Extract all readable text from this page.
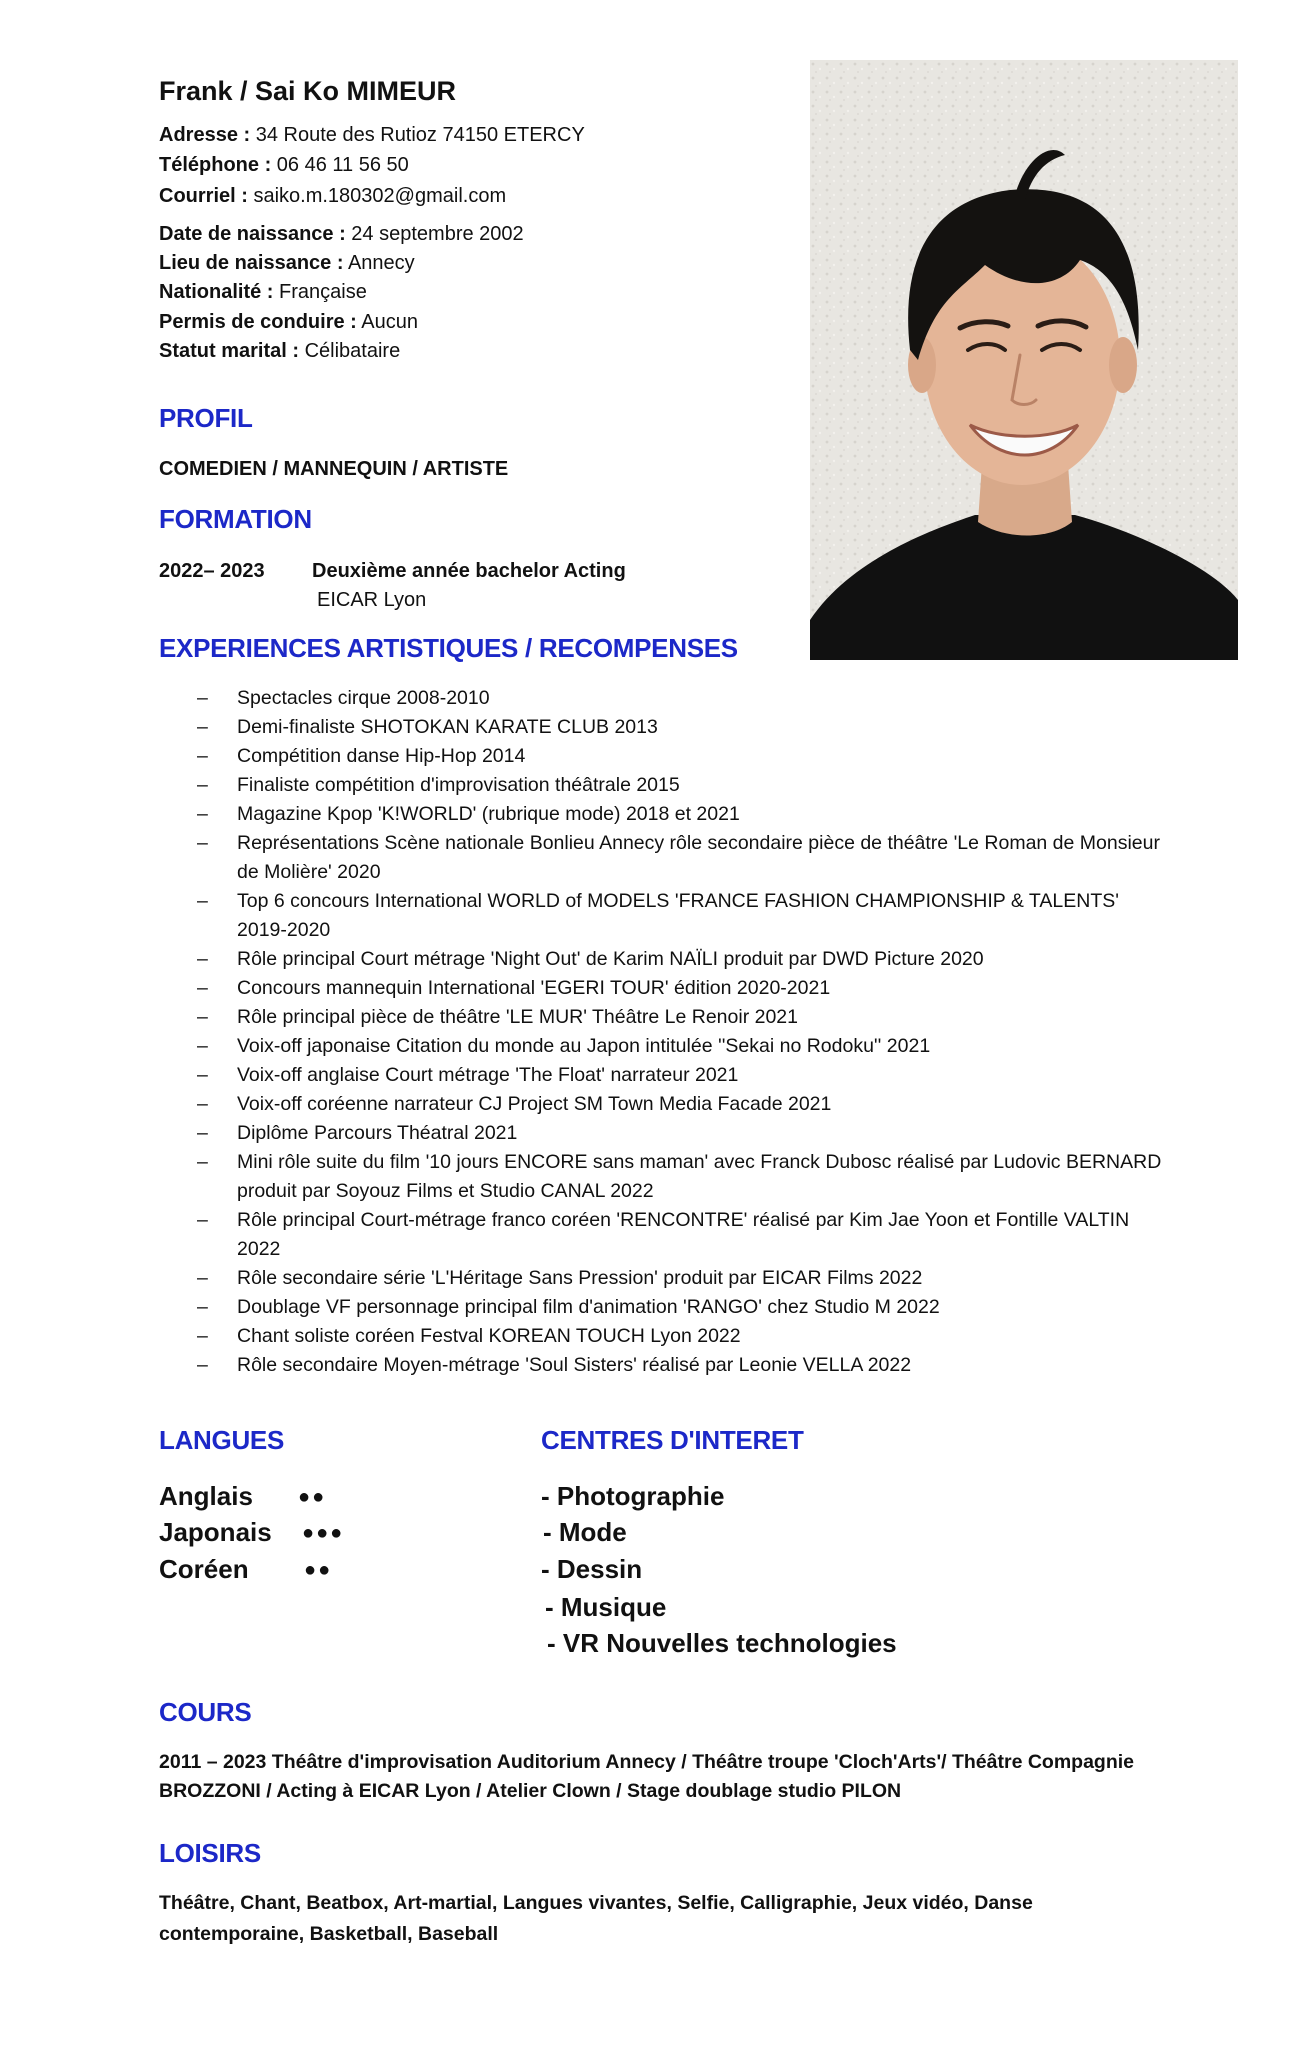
Frank / Sai Ko MIMEUR
Adresse : 34 Route des Rutioz 74150 ETERCY
Téléphone : 06 46 11 56 50
Courriel : saiko.m.180302@gmail.com
Date de naissance : 24 septembre 2002
Lieu de naissance : Annecy
Nationalité : Française
Permis de conduire : Aucun
Statut marital : Célibataire
PROFIL
COMEDIEN / MANNEQUIN / ARTISTE
FORMATION
2022– 2023 Deuxième année bachelor Acting
EICAR Lyon
EXPERIENCES ARTISTIQUES / RECOMPENSES
– Spectacles cirque 2008-2010
– Demi-finaliste SHOTOKAN KARATE CLUB 2013
– Compétition danse Hip-Hop 2014
– Finaliste compétition d'improvisation théâtrale 2015
– Magazine Kpop 'K!WORLD' (rubrique mode) 2018 et 2021
– Représentations Scène nationale Bonlieu Annecy rôle secondaire pièce de théâtre 'Le Roman de Monsieur de Molière' 2020
– Top 6 concours International WORLD of MODELS 'FRANCE FASHION CHAMPIONSHIP & TALENTS' 2019-2020
– Rôle principal Court métrage 'Night Out' de Karim NAÏLI produit par DWD Picture 2020
– Concours mannequin International 'EGERI TOUR' édition 2020-2021
– Rôle principal pièce de théâtre 'LE MUR' Théâtre Le Renoir 2021
– Voix-off japonaise Citation du monde au Japon intitulée ''Sekai no Rodoku'' 2021
– Voix-off anglaise Court métrage 'The Float' narrateur 2021
– Voix-off coréenne narrateur CJ Project SM Town Media Facade 2021
– Diplôme Parcours Théatral 2021
– Mini rôle suite du film '10 jours ENCORE sans maman' avec Franck Dubosc réalisé par Ludovic BERNARD produit par Soyouz Films et Studio CANAL 2022
– Rôle principal Court-métrage franco coréen 'RENCONTRE' réalisé par Kim Jae Yoon et Fontille VALTIN 2022
– Rôle secondaire série 'L'Héritage Sans Pression' produit par EICAR Films 2022
– Doublage VF personnage principal film d'animation 'RANGO' chez Studio M 2022
– Chant soliste coréen Festval KOREAN TOUCH Lyon 2022
– Rôle secondaire Moyen-métrage 'Soul Sisters' réalisé par Leonie VELLA 2022
LANGUES
Anglais ●●
Japonais ●●●
Coréen	●●
CENTRES D'INTERET
- Photographie
- Mode
- Dessin
- Musique
- VR Nouvelles technologies
COURS
2011 – 2023 Théâtre d'improvisation Auditorium Annecy / Théâtre troupe 'Cloch'Arts'/ Théâtre Compagnie BROZZONI / Acting à EICAR Lyon / Atelier Clown / Stage doublage studio PILON
LOISIRS
Théâtre, Chant, Beatbox, Art-martial, Langues vivantes, Selfie, Calligraphie, Jeux vidéo, Danse contemporaine, Basketball, Baseball
